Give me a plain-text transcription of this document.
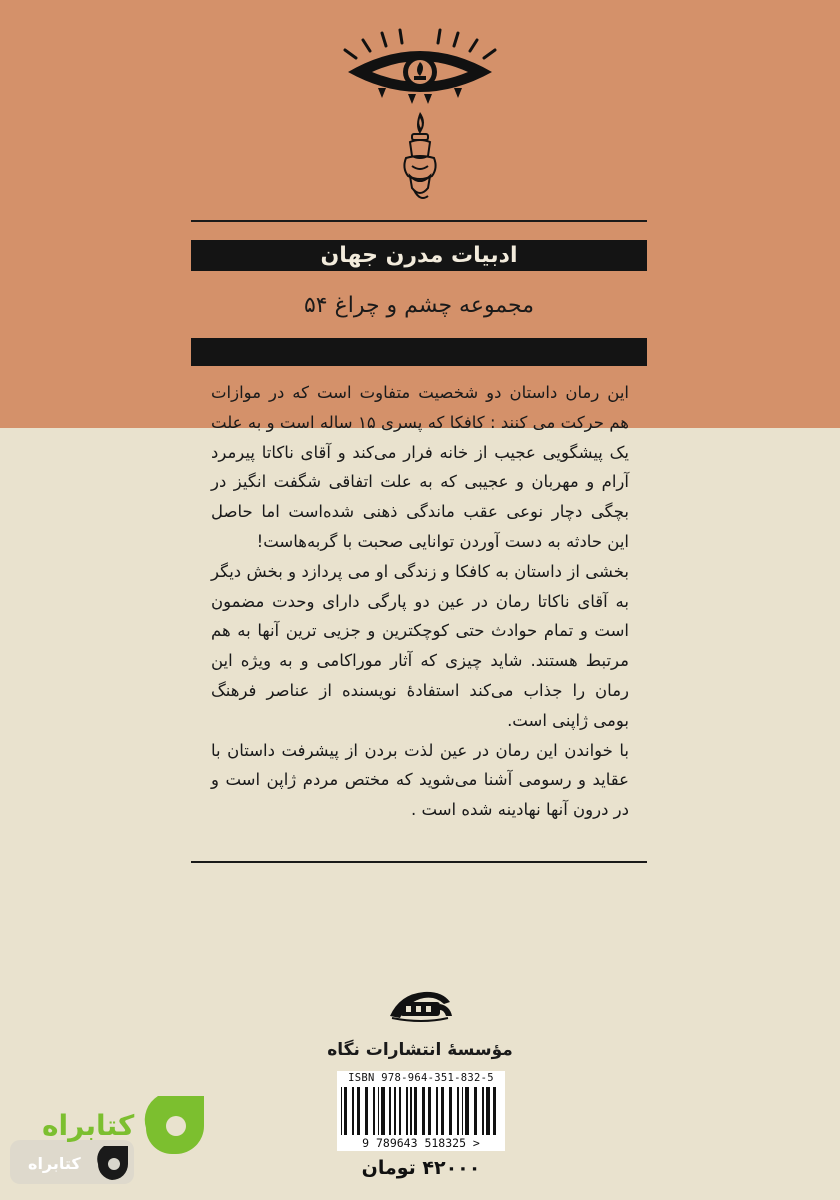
ادبیات مدرن جهان
مجموعه چشم و چراغ ۵۴

این رمان داستان دو شخصیت متفاوت است که در موازات هم حرکت می کنند : کافکا که پسری ۱۵ ساله است و به علت یک پیشگویی عجیب از خانه فرار می‌کند و آقای ناکاتا پیرمرد آرام و مهربان و عجیبی که به علت اتفاقی شگفت انگیز در بچگی دچار نوعی عقب ماندگی ذهنی شده‌است اما حاصل این حادثه به دست آوردن توانایی صحبت با گربه‌هاست!

بخشی از داستان به کافکا و زندگی او می پردازد و بخش دیگر به آقای ناکاتا رمان در عین دو پارگی دارای وحدت مضمون است و تمام حوادث حتی کوچکترین و جزیی ترین آنها به هم مرتبط هستند. شاید چیزی که آثار موراکامی و به ویژه این رمان را جذاب می‌کند استفادهٔ نویسنده از عناصر فرهنگ بومی ژاپنی است.

با خواندن این رمان در عین لذت بردن از پیشرفت داستان با عقاید و رسومی آشنا می‌شوید که مختص مردم ژاپن است و در درون آنها نهادینه شده است .

مؤسسهٔ انتشارات نگاه
ISBN 978-964-351-832-5
9 789643 518325 >
۴۲۰۰۰ تومان
کتابراه
کتابراه
